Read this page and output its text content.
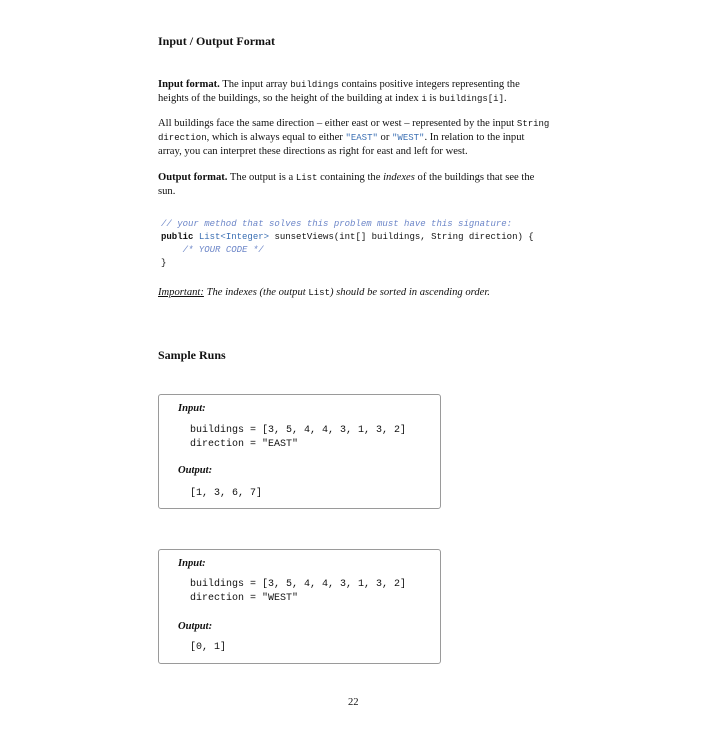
Input / Output Format

Input format. The input array buildings contains positive integers representing the heights of the buildings, so the height of the building at index i is buildings[i].

All buildings face the same direction – either east or west – represented by the input String direction, which is always equal to either "EAST" or "WEST". In relation to the input array, you can interpret these directions as right for east and left for west.

Output format. The output is a List containing the indexes of the buildings that see the sun.

// your method that solves this problem must have this signature:
public List<Integer> sunsetViews(int[] buildings, String direction) {
/* YOUR CODE */
}
Important: The indexes (the output List) should be sorted in ascending order.
Sample Runs
Input:
buildings = [3, 5, 4, 4, 3, 1, 3, 2]
direction = "EAST"
Output:
[1, 3, 6, 7]
Input:
buildings = [3, 5, 4, 4, 3, 1, 3, 2]
direction = "WEST"
Output:
[0, 1]
22
